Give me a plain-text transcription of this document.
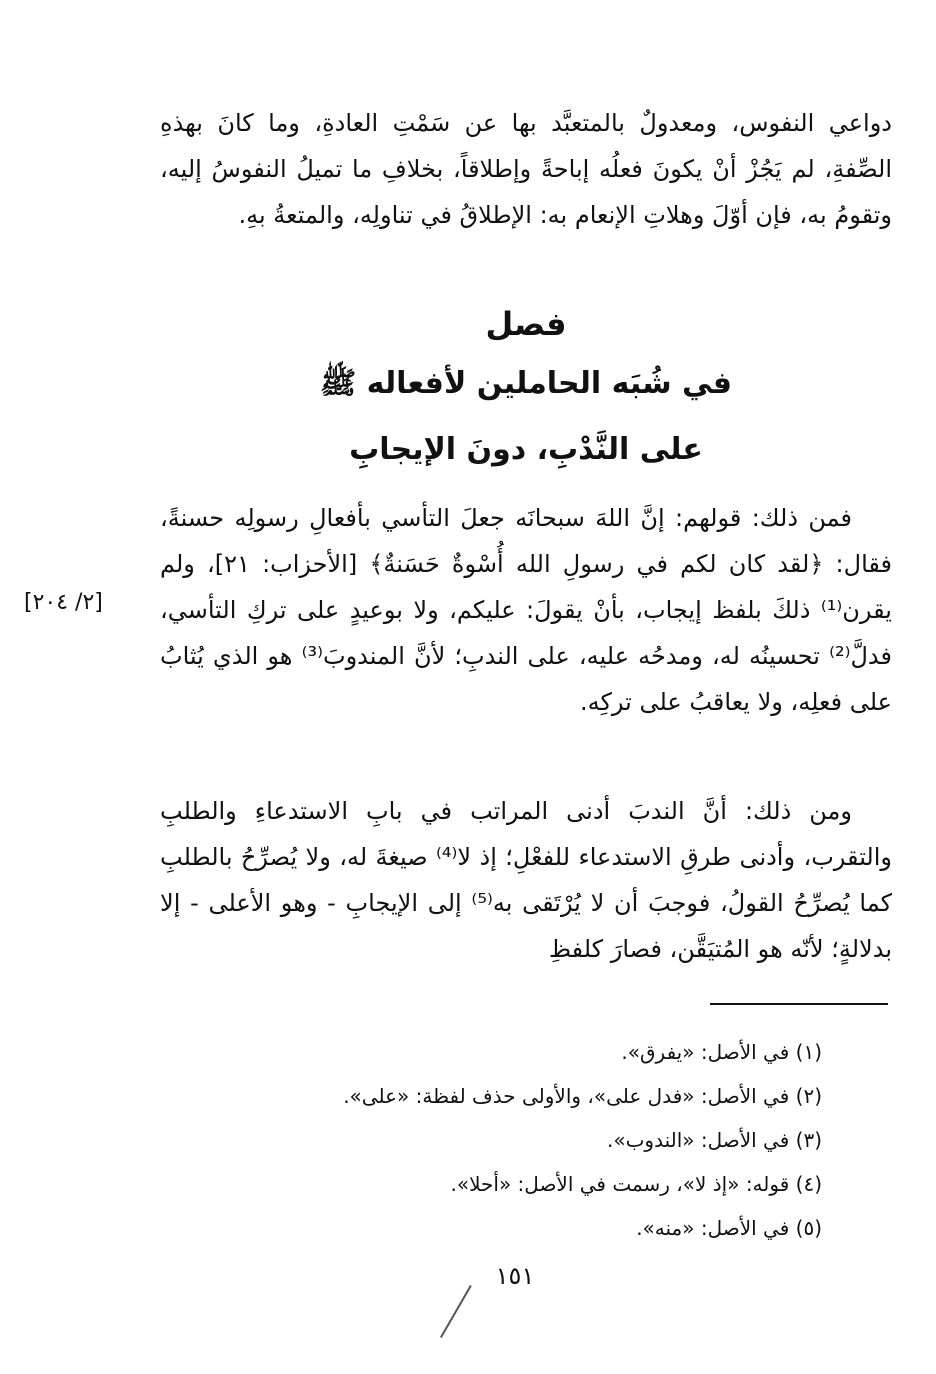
دواعي النفوس، ومعدولٌ بالمتعبَّد بها عن سَمْتِ العادةِ، وما كانَ بهذهِ الصِّفةِ، لم يَجُزْ أنْ يكونَ فعلُه إباحةً وإطلاقاً، بخلافِ ما تميلُ النفوسُ إليه، وتقومُ به، فإن أوّلَ وهلاتِ الإنعام به: الإطلاقُ في تناولِه، والمتعةُ بهِ.

فصل
في شُبَه الحاملين لأفعاله ﷺ
على النَّدْبِ، دونَ الإيجابِ

فمن ذلك: قولهم: إنَّ اللهَ سبحانَه جعلَ التأسي بأفعالِ رسولِه حسنةً، فقال: ﴿لقد كان لكم في رسولِ الله أُسْوةٌ حَسَنةٌ﴾ [الأحزاب: ٢١]، ولم يقرن⁽¹⁾ ذلكَ بلفظ إيجاب، بأنْ يقولَ: عليكم، ولا بوعيدٍ على تركِ التأسي، فدلَّ⁽²⁾ تحسينُه له، ومدحُه عليه، على الندبِ؛ لأنَّ المندوبَ⁽³⁾ هو الذي يُثابُ على فعلِه، ولا يعاقبُ على تركِه.

[٢/ ٢٠٤]

ومن ذلك: أنَّ الندبَ أدنى المراتب في بابِ الاستدعاءِ والطلبِ والتقرب، وأدنى طرقِ الاستدعاء للفعْلِ؛ إذ لا⁽⁴⁾ صيغةَ له، ولا يُصرِّحُ بالطلبِ كما يُصرِّحُ القولُ، فوجبَ أن لا يُرْتَقى به⁽⁵⁾ إلى الإيجابِ - وهو الأعلى - إلا بدلالةٍ؛ لأنّه هو المُتيَقَّن، فصارَ كلفظِ

(١) في الأصل: «يفرق».

(٢) في الأصل: «فدل على»، والأولى حذف لفظة: «على».

(٣) في الأصل: «الندوب».

(٤) قوله: «إذ لا»، رسمت في الأصل: «أحلا».

(٥) في الأصل: «منه».

١٥١
